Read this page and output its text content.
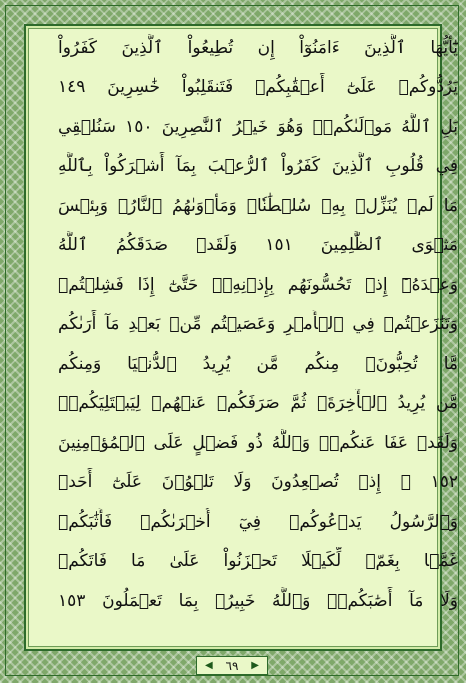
يَٰٓأَيُّهَا ٱلَّذِينَ ءَامَنُوٓاْ إِن تُطِيعُواْ ٱلَّذِينَ كَفَرُواْ
يَرُدُّوكُمۡ عَلَىٰٓ أَعۡقَٰبِكُمۡ فَتَنقَلِبُواْ خَٰسِرِينَ ١٤٩
بَلِ ٱللَّهُ مَوۡلَىٰكُمۡۖ وَهُوَ خَيۡرُ ٱلنَّٰصِرِينَ ١٥٠ سَنُلۡقِي
فِي قُلُوبِ ٱلَّذِينَ كَفَرُواْ ٱلرُّعۡبَ بِمَآ أَشۡرَكُواْ بِٱللَّهِ
مَا لَمۡ يُنَزِّلۡ بِهِۦ سُلۡطَٰنٗاۖ وَمَأۡوَىٰهُمُ ٱلنَّارُۖ وَبِئۡسَ
مَثۡوَى ٱلظَّٰلِمِينَ ١٥١ وَلَقَدۡ صَدَقَكُمُ ٱللَّهُ
وَعۡدَهُۥٓ إِذۡ تَحُسُّونَهُم بِإِذۡنِهِۦۖ حَتَّىٰٓ إِذَا فَشِلۡتُمۡ
وَتَنَٰزَعۡتُمۡ فِي ٱلۡأَمۡرِ وَعَصَيۡتُم مِّنۢ بَعۡدِ مَآ أَرَىٰكُم
مَّا تُحِبُّونَۚ مِنكُم مَّن يُرِيدُ ٱلدُّنۡيَا وَمِنكُم
مَّن يُرِيدُ ٱلۡأٓخِرَةَۚ ثُمَّ صَرَفَكُمۡ عَنۡهُمۡ لِيَبۡتَلِيَكُمۡۖ
وَلَقَدۡ عَفَا عَنكُمۡۗ وَٱللَّهُ ذُو فَضۡلٍ عَلَى ٱلۡمُؤۡمِنِينَ
١٥٢ ۞ إِذۡ تُصۡعِدُونَ وَلَا تَلۡوُۥنَ عَلَىٰٓ أَحَدٖ
وَٱلرَّسُولُ يَدۡعُوكُمۡ فِيٓ أُخۡرَىٰكُمۡ فَأَثَٰبَكُمۡ
غَمَّۢا بِغَمّٖ لِّكَيۡلَا تَحۡزَنُواْ عَلَىٰ مَا فَاتَكُمۡ
وَلَا مَآ أَصَٰبَكُمۡۗ وَٱللَّهُ خَبِيرُۢ بِمَا تَعۡمَلُونَ ١٥٣
◀ ٦٩ ▶
